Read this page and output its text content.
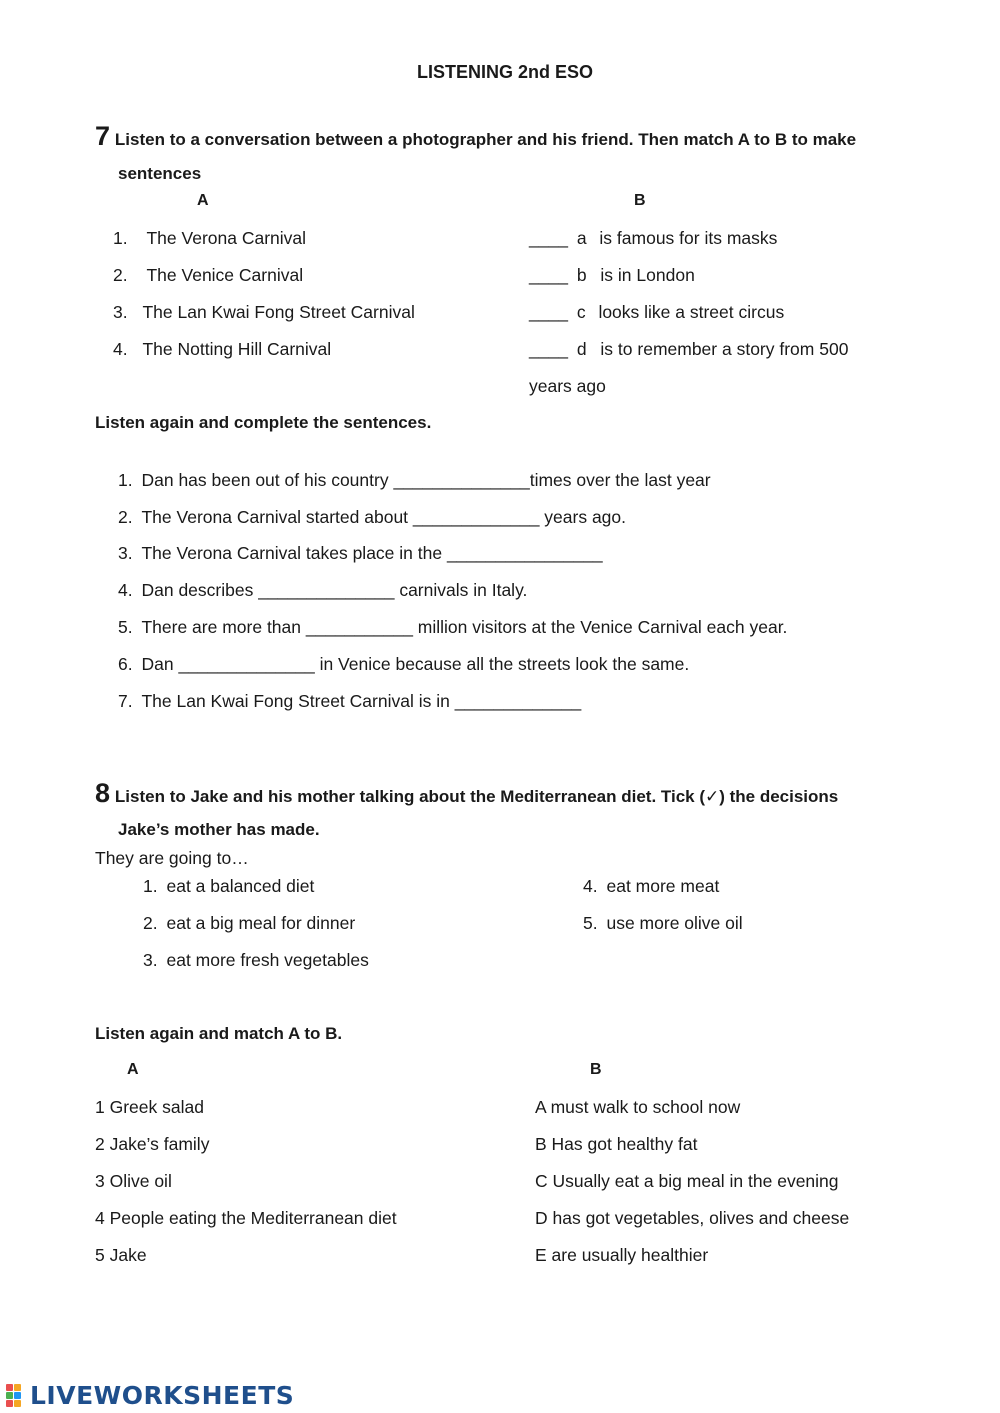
LISTENING 2nd ESO
7 Listen to a conversation between a photographer and his friend. Then match A to B to make
sentences
A	B
1. The Verona Carnival
2. The Venice Carnival
3. The Lan Kwai Fong Street Carnival
4. The Notting Hill Carnival
____ a is famous for its masks
____ b is in London
____ c looks like a street circus
____ d is to remember a story from 500
years ago
Listen again and complete the sentences.
1. Dan has been out of his country ______________times over the last year
2. The Verona Carnival started about _____________ years ago.
3. The Verona Carnival takes place in the ________________
4. Dan describes ______________ carnivals in Italy.
5. There are more than ___________ million visitors at the Venice Carnival each year.
6. Dan ______________ in Venice because all the streets look the same.
7. The Lan Kwai Fong Street Carnival is in _____________
8 Listen to Jake and his mother talking about the Mediterranean diet. Tick (✓) the decisions
Jake’s mother has made.
They are going to…
1. eat a balanced diet
2. eat a big meal for dinner
3. eat more fresh vegetables
4. eat more meat
5. use more olive oil
Listen again and match A to B.
A	B
1 Greek salad
2 Jake’s family
3 Olive oil
4 People eating the Mediterranean diet
5 Jake
A must walk to school now
B Has got healthy fat
C Usually eat a big meal in the evening
D has got vegetables, olives and cheese
E are usually healthier
LIVEWORKSHEETS
